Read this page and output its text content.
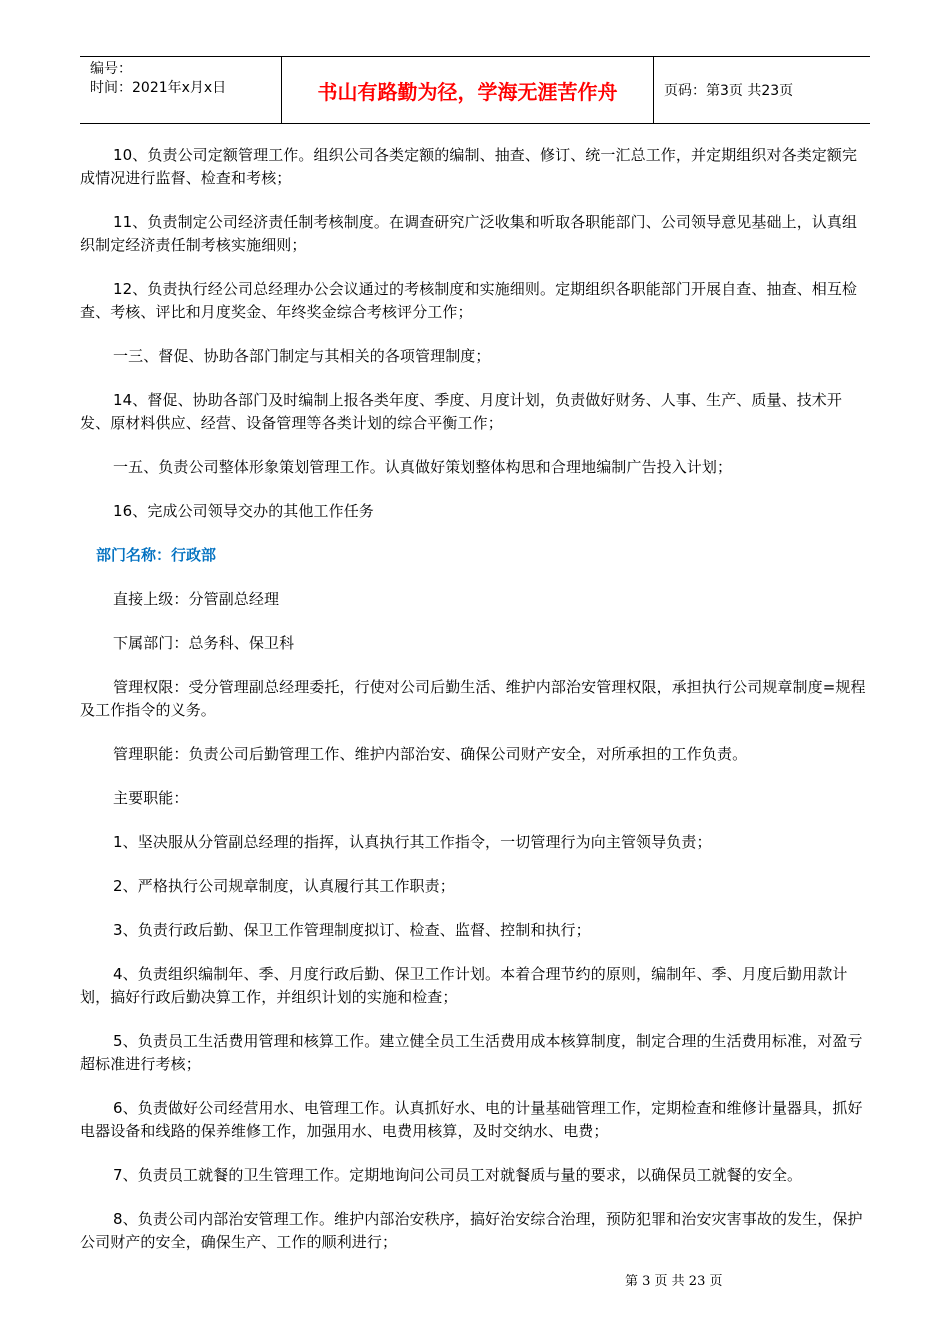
编号：
时间：2021年x月x日	书山有路勤为径，学海无涯苦作舟	页码：第3页 共23页

10、负责公司定额管理工作。组织公司各类定额的编制、抽查、修订、统一汇总工作，并定期组织对各类定额完成情况进行监督、检查和考核；

11、负责制定公司经济责任制考核制度。在调查研究广泛收集和听取各职能部门、公司领导意见基础上，认真组织制定经济责任制考核实施细则；

12、负责执行经公司总经理办公会议通过的考核制度和实施细则。定期组织各职能部门开展自查、抽查、相互检查、考核、评比和月度奖金、年终奖金综合考核评分工作；

一三、督促、协助各部门制定与其相关的各项管理制度；

14、督促、协助各部门及时编制上报各类年度、季度、月度计划，负责做好财务、人事、生产、质量、技术开发、原材料供应、经营、设备管理等各类计划的综合平衡工作；

一五、负责公司整体形象策划管理工作。认真做好策划整体构思和合理地编制广告投入计划；

16、完成公司领导交办的其他工作任务

部门名称：行政部

直接上级：分管副总经理

下属部门：总务科、保卫科

管理权限：受分管理副总经理委托，行使对公司后勤生活、维护内部治安管理权限，承担执行公司规章制度=规程及工作指令的义务。

管理职能：负责公司后勤管理工作、维护内部治安、确保公司财产安全，对所承担的工作负责。

主要职能：

1、坚决服从分管副总经理的指挥，认真执行其工作指令，一切管理行为向主管领导负责；

2、严格执行公司规章制度，认真履行其工作职责；

3、负责行政后勤、保卫工作管理制度拟订、检查、监督、控制和执行；

4、负责组织编制年、季、月度行政后勤、保卫工作计划。本着合理节约的原则，编制年、季、月度后勤用款计划，搞好行政后勤决算工作，并组织计划的实施和检查；

5、负责员工生活费用管理和核算工作。建立健全员工生活费用成本核算制度，制定合理的生活费用标准，对盈亏超标准进行考核；

6、负责做好公司经营用水、电管理工作。认真抓好水、电的计量基础管理工作，定期检查和维修计量器具，抓好电器设备和线路的保养维修工作，加强用水、电费用核算，及时交纳水、电费；

7、负责员工就餐的卫生管理工作。定期地询问公司员工对就餐质与量的要求，以确保员工就餐的安全。

8、负责公司内部治安管理工作。维护内部治安秩序，搞好治安综合治理，预防犯罪和治安灾害事故的发生，保护公司财产的安全，确保生产、工作的顺利进行；

第 3 页 共 23 页
